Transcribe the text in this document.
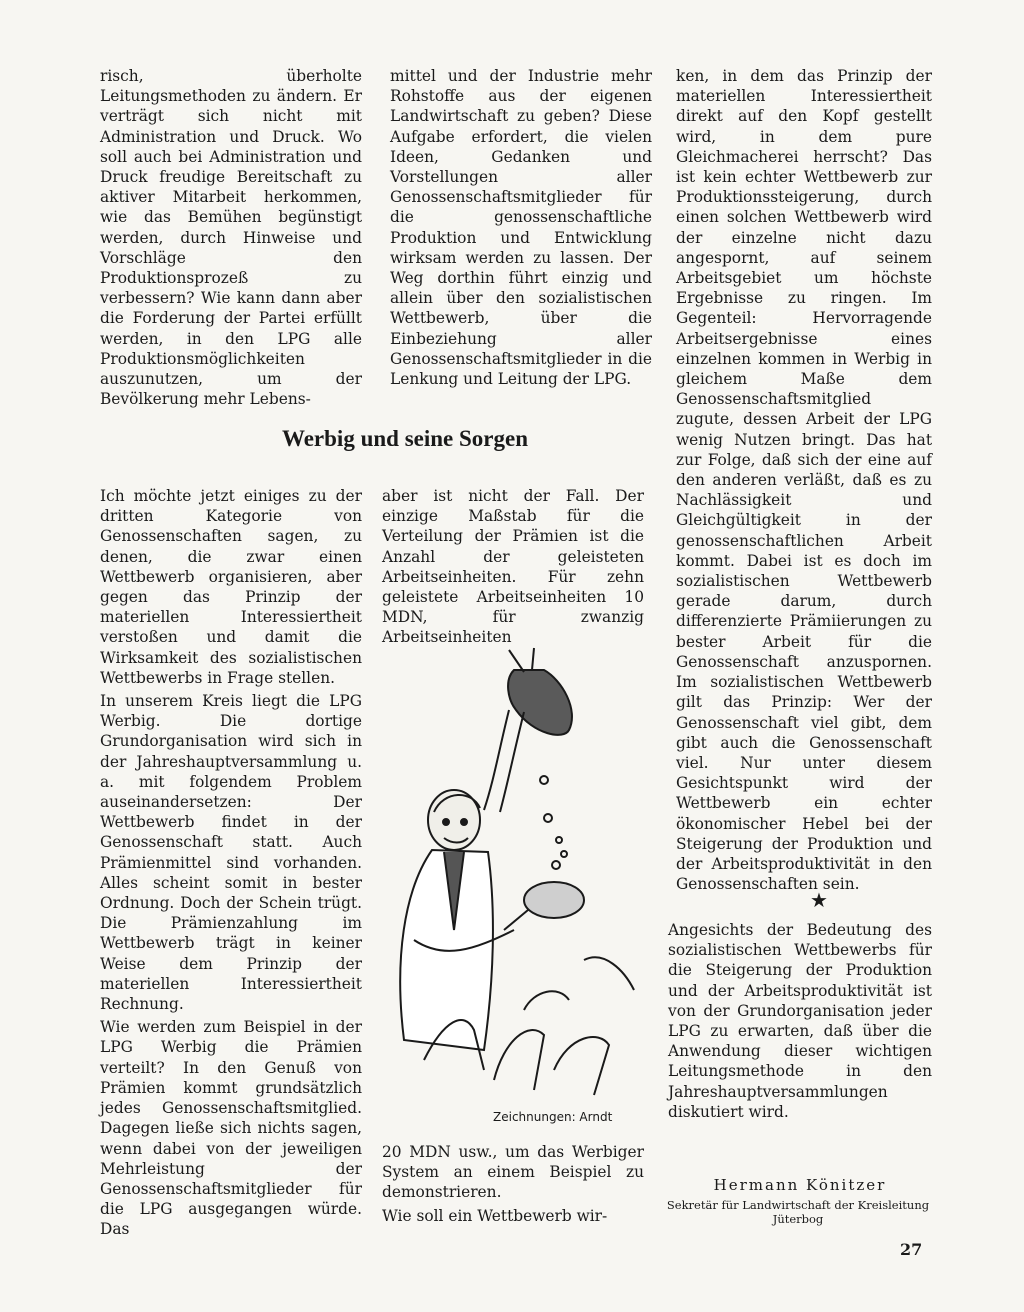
risch, überholte Leitungsmethoden zu ändern. Er verträgt sich nicht mit Administration und Druck. Wo soll auch bei Administration und Druck freudige Bereitschaft zu aktiver Mitarbeit herkommen, wie das Bemühen begünstigt werden, durch Hinweise und Vorschläge den Produktionsprozeß zu verbessern? Wie kann dann aber die Forderung der Partei erfüllt werden, in den LPG alle Produktionsmöglichkeiten auszunutzen, um der Bevölkerung mehr Lebens-

mittel und der Industrie mehr Rohstoffe aus der eigenen Landwirtschaft zu geben? Diese Aufgabe erfordert, die vielen Ideen, Gedanken und Vorstellungen aller Genossenschaftsmitglieder für die genossenschaftliche Produktion und Entwicklung wirksam werden zu lassen. Der Weg dorthin führt einzig und allein über den sozialistischen Wettbewerb, über die Einbeziehung aller Genossenschaftsmitglieder in die Lenkung und Leitung der LPG.

ken, in dem das Prinzip der materiellen Interessiertheit direkt auf den Kopf gestellt wird, in dem pure Gleichmacherei herrscht? Das ist kein echter Wettbewerb zur Produktionssteigerung, durch einen solchen Wettbewerb wird der einzelne nicht dazu angespornt, auf seinem Arbeitsgebiet um höchste Ergebnisse zu ringen. Im Gegenteil: Hervorragende Arbeitsergebnisse eines einzelnen kommen in Werbig in gleichem Maße dem Genossenschaftsmitglied zugute, dessen Arbeit der LPG wenig Nutzen bringt. Das hat zur Folge, daß sich der eine auf den anderen verläßt, daß es zu Nachlässigkeit und Gleichgültigkeit in der genossenschaftlichen Arbeit kommt. Dabei ist es doch im sozialistischen Wettbewerb gerade darum, durch differenzierte Prämiierungen zu bester Arbeit für die Genossenschaft anzuspornen. Im sozialistischen Wettbewerb gilt das Prinzip: Wer der Genossenschaft viel gibt, dem gibt auch die Genossenschaft viel. Nur unter diesem Gesichtspunkt wird der Wettbewerb ein echter ökonomischer Hebel bei der Steigerung der Produktion und der Arbeitsproduktivität in den Genossenschaften sein.

Werbig und seine Sorgen

Ich möchte jetzt einiges zu der dritten Kategorie von Genossenschaften sagen, zu denen, die zwar einen Wettbewerb organisieren, aber gegen das Prinzip der materiellen Interessiertheit verstoßen und damit die Wirksamkeit des sozialistischen Wettbewerbs in Frage stellen.

In unserem Kreis liegt die LPG Werbig. Die dortige Grundorganisation wird sich in der Jahreshauptversammlung u. a. mit folgendem Problem auseinandersetzen: Der Wettbewerb findet in der Genossenschaft statt. Auch Prämienmittel sind vorhanden. Alles scheint somit in bester Ordnung. Doch der Schein trügt. Die Prämienzahlung im Wettbewerb trägt in keiner Weise dem Prinzip der materiellen Interessiertheit Rechnung.

Wie werden zum Beispiel in der LPG Werbig die Prämien verteilt? In den Genuß von Prämien kommt grundsätzlich jedes Genossenschaftsmitglied. Dagegen ließe sich nichts sagen, wenn dabei von der jeweiligen Mehrleistung der Genossenschaftsmitglieder für die LPG ausgegangen würde. Das

aber ist nicht der Fall. Der einzige Maßstab für die Verteilung der Prämien ist die Anzahl der geleisteten Arbeitseinheiten. Für zehn geleistete Arbeitseinheiten 10 MDN, für zwanzig Arbeitseinheiten

Zeichnungen: Arndt

20 MDN usw., um das Werbiger System an einem Beispiel zu demonstrieren.

Wie soll ein Wettbewerb wir-

★

Angesichts der Bedeutung des sozialistischen Wettbewerbs für die Steigerung der Produktion und der Arbeitsproduktivität ist von der Grundorganisation jeder LPG zu erwarten, daß über die Anwendung dieser wichtigen Leitungsmethode in den Jahreshauptversammlungen diskutiert wird.

Hermann Könitzer
Sekretär für Landwirtschaft der Kreisleitung Jüterbog
27
